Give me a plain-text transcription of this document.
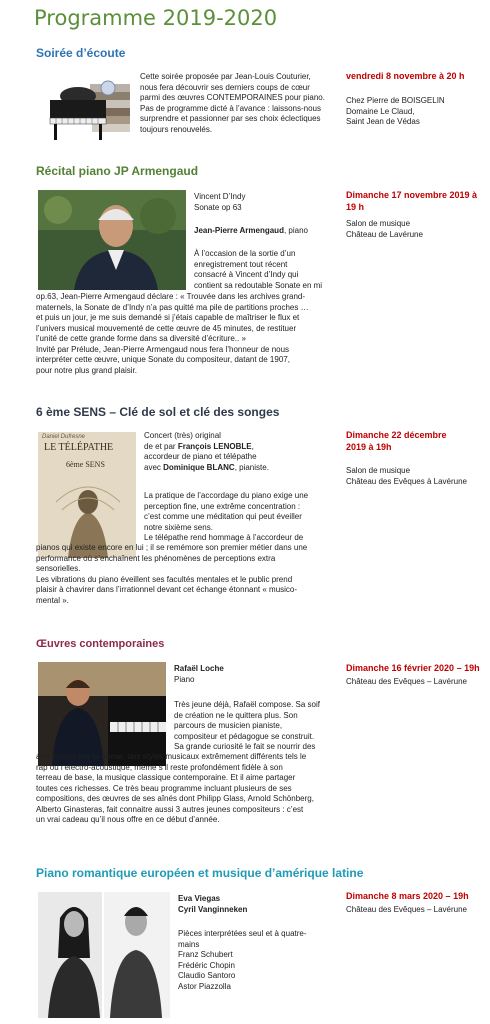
Programme 2019-2020
Soirée d’écoute
Cette soirée proposée par Jean-Louis Couturier,
nous fera découvrir ses derniers coups de cœur
parmi des œuvres CONTEMPORAINES pour piano.
Pas de programme dicté à l’avance : laissons-nous
surprendre et passionner par ses choix éclectiques
toujours renouvelés.
vendredi 8 novembre à 20 h
Chez Pierre de BOISGELIN
Domaine Le Claud,
Saint Jean de Védas
Récital piano JP Armengaud
Vincent D’Indy
Sonate op 63
Jean-Pierre Armengaud, piano
À l’occasion de la sortie d’un
enregistrement tout récent
consacré à Vincent d’Indy qui
contient sa redoutable Sonate en mi
op.63, Jean-Pierre Armengaud déclare : « Trouvée dans les archives grand-
maternels, la Sonate de d’Indy n’a pas quitté ma pile de partitions proches …
et puis un jour, je me suis demandé si j’étais capable de maîtriser le flux et
l’univers musical mouvementé de cette œuvre de 45 minutes, de restituer
l’unité de cette grande forme dans sa diversité d’écriture.. »
Invité par Prélude, Jean-Pierre Armengaud nous fera l’honneur de nous
interpréter cette œuvre, unique Sonate du compositeur, datant de 1907,
pour notre plus grand plaisir.
Dimanche 17 novembre 2019 à
19 h
Salon de musique
Château de Lavérune
6 ème SENS – Clé de sol et clé des songes
Daniel Dufresne
LE TÉLÉPATHE
6ème SENS
Concert (très) original
de et par François LENOBLE,
accordeur de piano et télépathe
avec Dominique BLANC, pianiste.
La pratique de l’accordage du piano exige une
perception fine, une extrême concentration :
c’est comme une méditation qui peut éveiller
notre sixième sens.
Le télépathe rend hommage à l’accordeur de
pianos qui existe encore en lui ; il se remémore son premier métier dans une
performance où s’enchaînent les phénomènes de perceptions extra
sensorielles.
Les vibrations du piano éveillent ses facultés mentales et le public prend
plaisir à chavirer dans l’irrationnel devant cet échange étonnant « musico-
mental ».
Dimanche 22 décembre
2019 à 19h
Salon de musique
Château des Evêques à Lavérune
Œuvres contemporaines
Rafaël Loche
Piano
Très jeune déjà, Rafaël compose. Sa soif
de création ne le quittera plus. Son
parcours de musicien pianiste,
compositeur et pédagogue se construit.
Sa grande curiosité le fait se nourrir des
arts voisins tels la danse, des styles musicaux extrêmement différents tels le
rap ou l’électro-acoustique, même s’il reste profondément fidèle à son
terreau de base, la musique classique contemporaine. Et il aime partager
toutes ces richesses. Ce très beau programme incluant plusieurs de ses
compositions, des œuvres de ses aînés dont Philipp Glass, Arnold Schönberg,
Alberto Ginasteras, fait connaitre aussi 3 autres jeunes compositeurs : c’est
un vrai cadeau qu’il nous offre en ce début d’année.
Dimanche 16 février 2020 – 19h
Château des Evêques – Lavérune
Piano romantique européen et musique d’amérique latine
Eva Viegas
Cyril Vanginneken
Pièces interprétées seul et à quatre-
mains
Franz Schubert
Frédéric Chopin
Claudio Santoro
Astor Piazzolla
Dimanche 8 mars 2020 – 19h
Château des Evêques – Lavérune
